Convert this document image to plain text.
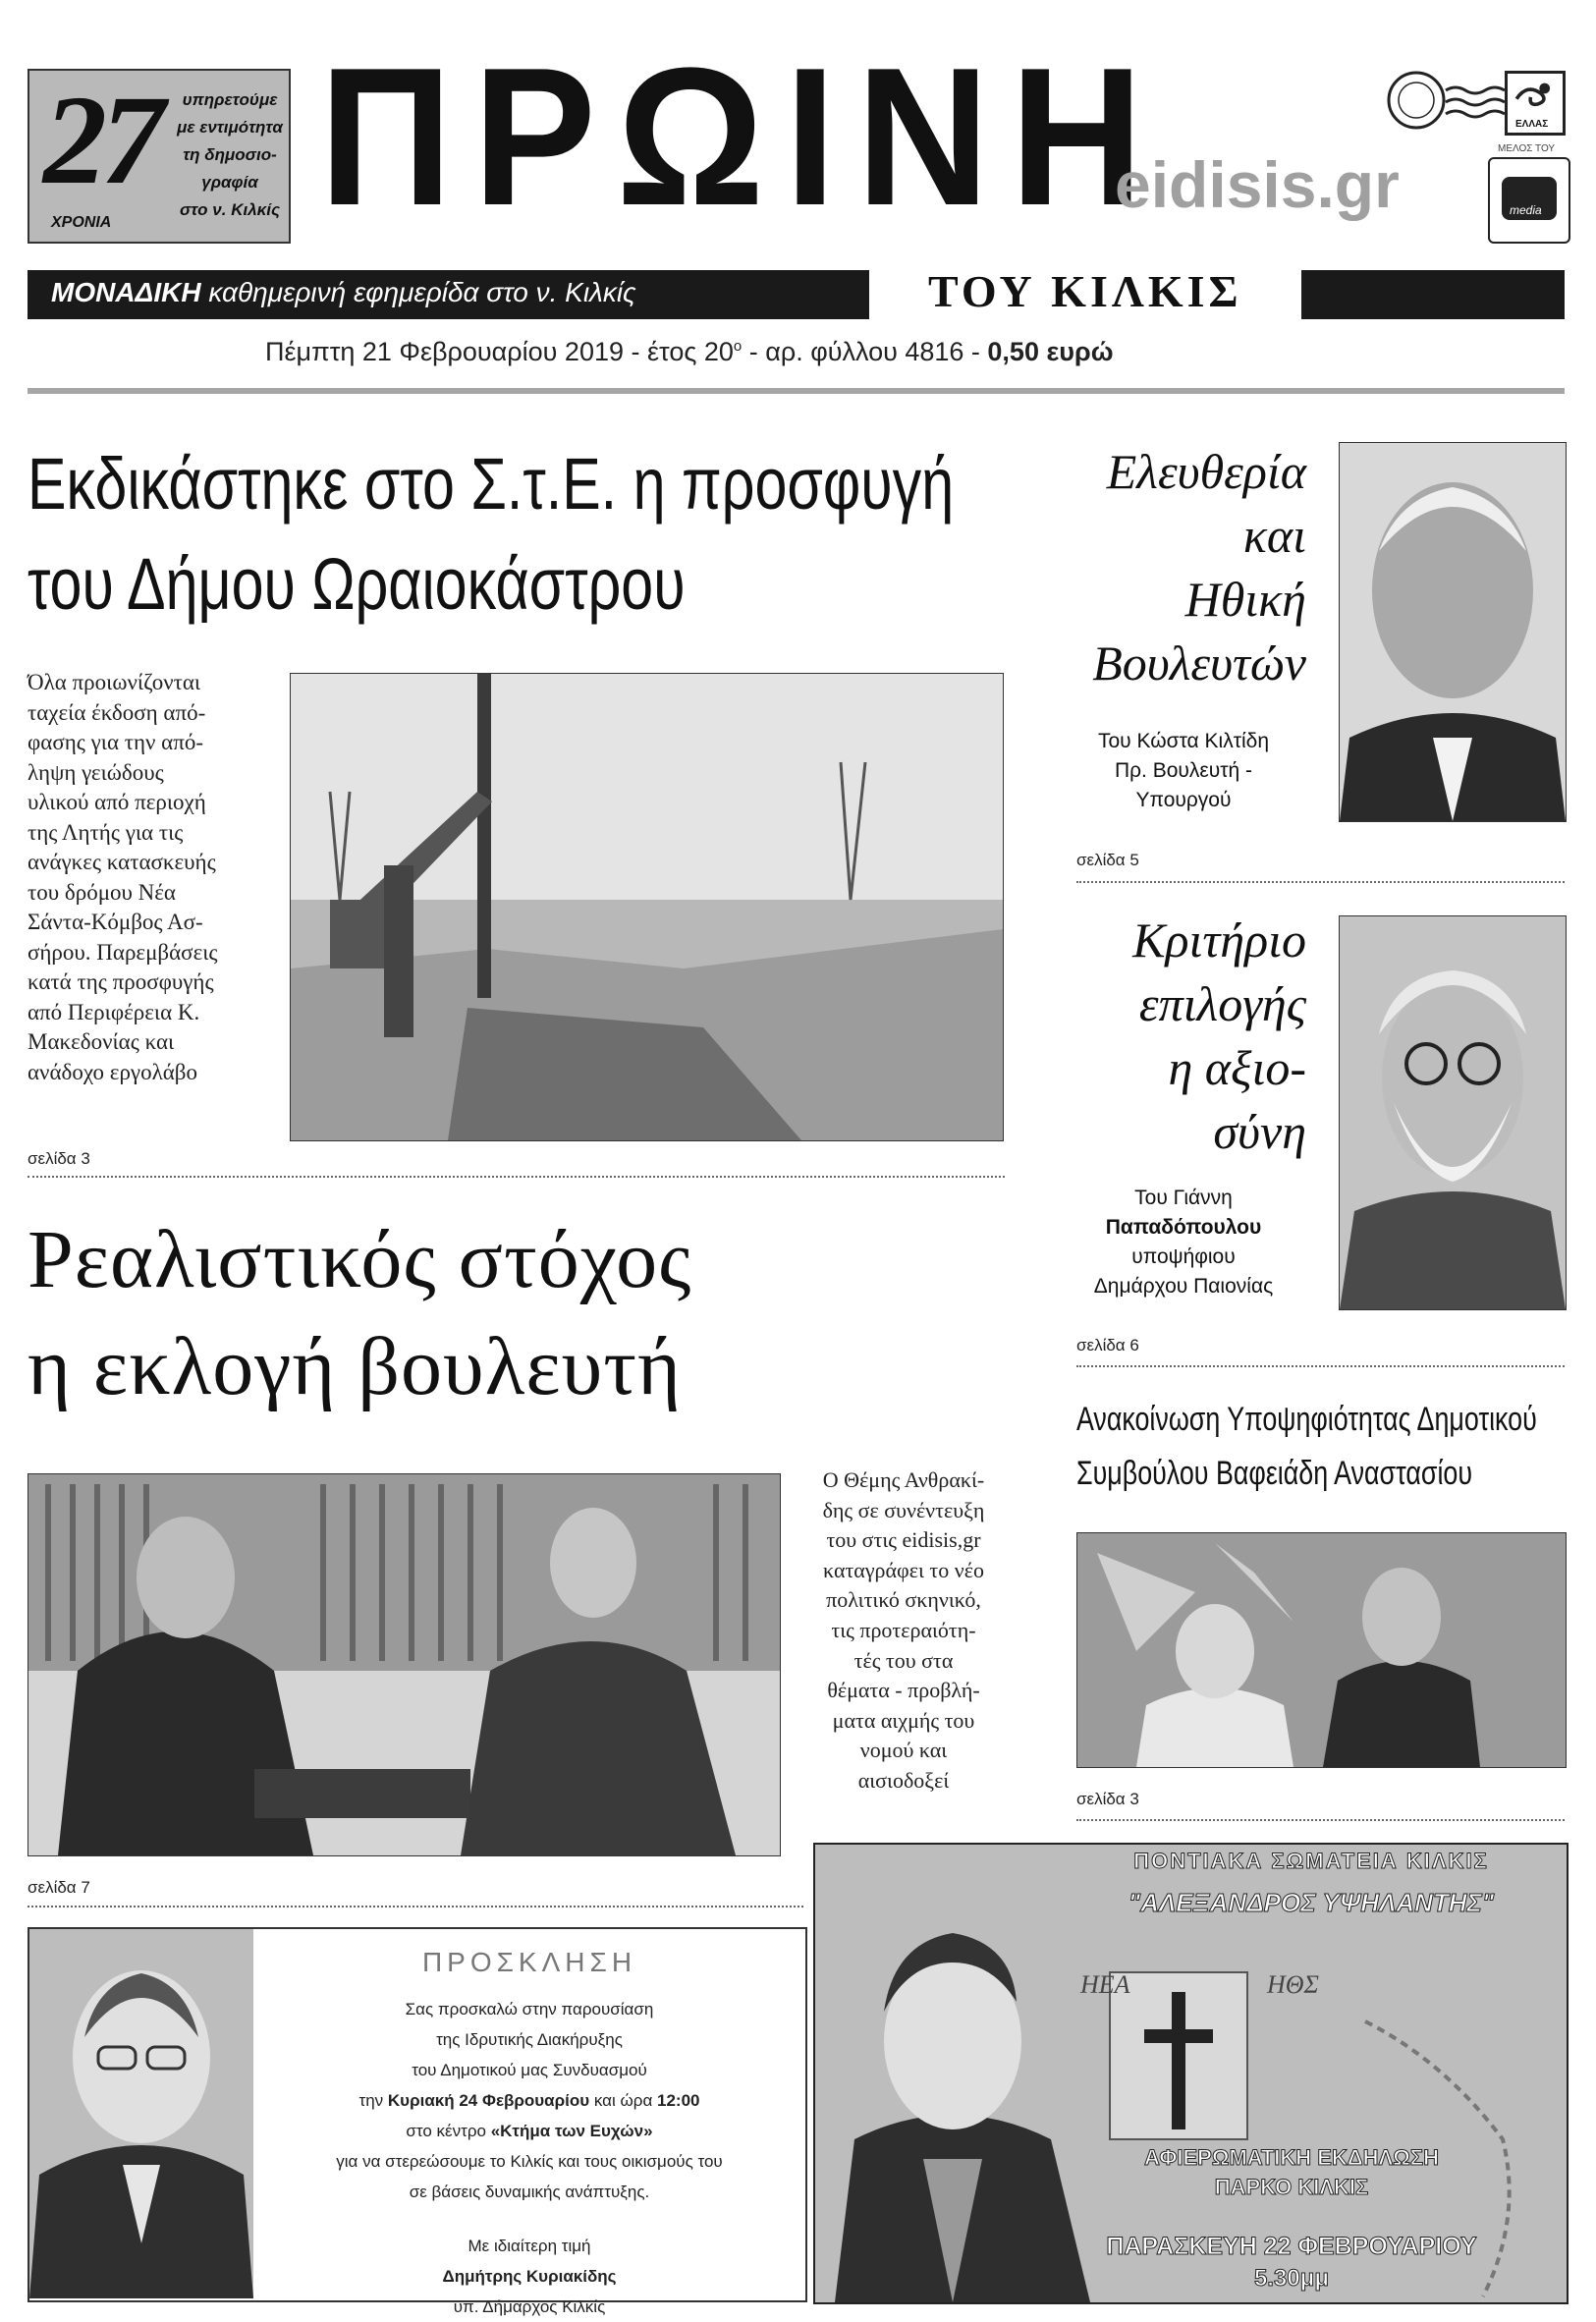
27
ΧΡΟΝΙΑ
υπηρετούμε
με εντιμότητα
τη δημοσιο-
γραφία
στο ν. Κιλκίς ΠΡΩΙΝΗ
eidisis.gr
ΕΛΛΑΣ
ΜΕΛΟΣ ΤΟΥ
media
ΜΟΝΑΔΙΚΗ καθημερινή εφημερίδα στο ν. Κιλκίς	ΤΟΥ ΚΙΛΚΙΣ
Πέμπτη 21 Φεβρουαρίου 2019 - έτος $20^o$ - αρ. φύλλου 4816 - 0,50 ευρώ
Εκδικάστηκε στο Σ.τ.Ε. η προσφυγή
του Δήμου Ωραιοκάστρου
Όλα προιωνίζονται
ταχεία έκδοση από-
φασης για την από-
ληψη γειώδους
υλικού από περιοχή
της Λητής για τις
ανάγκες κατασκευής
του δρόμου Νέα
Σάντα-Κόμβος Ασ-
σήρου. Παρεμβάσεις
κατά της προσφυγής
από Περιφέρεια Κ.
Μακεδονίας και
ανάδοχο εργολάβο
σελίδα 3
Ρεαλιστικός στόχος
η εκλογή βουλευτή
Ο Θέμης Ανθρακί-
δης σε συνέντευξη
του στις eidisis,gr
καταγράφει το νέο
πολιτικό σκηνικό,
τις προτεραιότη-
τές του στα
θέματα - προβλή-
ματα αιχμής του
νομού και
αισιοδοξεί
σελίδα 7
ΠΡΟΣΚΛΗΣΗ
Σας προσκαλώ στην παρουσίαση
της Ιδρυτικής Διακήρυξης
του Δημοτικού μας Συνδυασμού
την Κυριακή 24 Φεβρουαρίου και ώρα 12:00
στο κέντρο «Κτήμα των Ευχών»
για να στερεώσουμε το Κιλκίς και τους οικισμούς του
σε βάσεις δυναμικής ανάπτυξης.
Με ιδιαίτερη τιμή
Δημήτρης Κυριακίδης
υπ. Δήμαρχος Κιλκίς
Ελευθερία
και
Ηθική
Βουλευτών
Του Κώστα Κιλτίδη
Πρ. Βουλευτή -
Υπουργού
σελίδα 5
Κριτήριο
επιλογής
η αξιο-
σύνη
Του Γιάννη
Παπαδόπουλου
υποψήφιου
Δημάρχου Παιονίας
σελίδα 6
Ανακοίνωση Υποψηφιότητας Δημοτικού
Συμβούλου Βαφειάδη Αναστασίου
σελίδα 3
ΠΟΝΤΙΑΚΑ ΣΩΜΑΤΕΙΑ ΚΙΛΚΙΣ
"ΑΛΕΞΑΝΔΡΟΣ ΥΨΗΛΑΝΤΗΣ"
ΗΕΑ	ΗΘΣ
ΑΦΙΕΡΩΜΑΤΙΚΗ ΕΚΔΗΛΩΣΗ
ΠΑΡΚΟ ΚΙΛΚΙΣ
ΠΑΡΑΣΚΕΥΗ 22 ΦΕΒΡΟΥΑΡΙΟΥ
5.30μμ
